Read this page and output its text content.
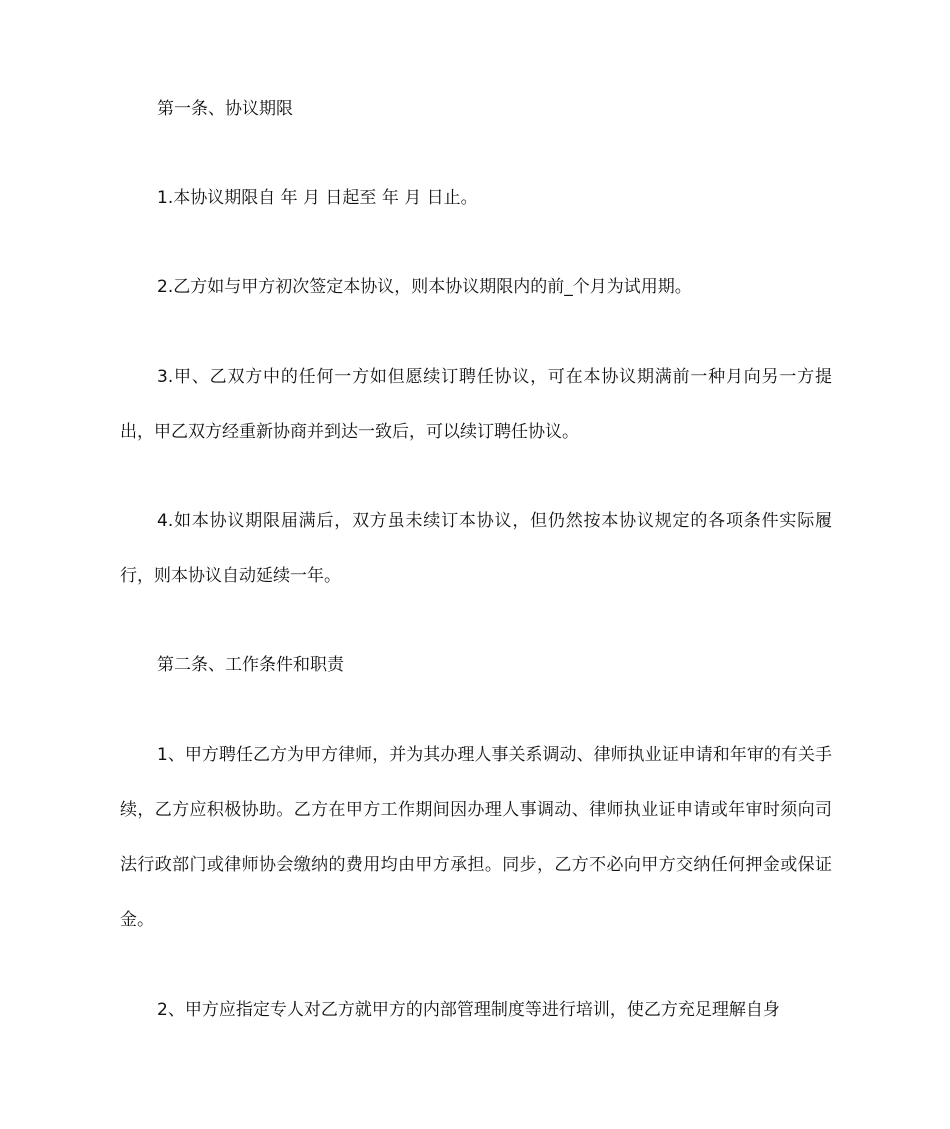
第一条、协议期限

1.本协议期限自 年 月 日起至 年 月 日止。

2.乙方如与甲方初次签定本协议，则本协议期限内的前_个月为试用期。

3.甲、乙双方中的任何一方如但愿续订聘任协议，可在本协议期满前一种月向另一方提出，甲乙双方经重新协商并到达一致后，可以续订聘任协议。

4.如本协议期限届满后，双方虽未续订本协议，但仍然按本协议规定的各项条件实际履行，则本协议自动延续一年。

第二条、工作条件和职责

1、甲方聘任乙方为甲方律师，并为其办理人事关系调动、律师执业证申请和年审的有关手续，乙方应积极协助。乙方在甲方工作期间因办理人事调动、律师执业证申请或年审时须向司法行政部门或律师协会缴纳的费用均由甲方承担。同步，乙方不必向甲方交纳任何押金或保证金。

2、甲方应指定专人对乙方就甲方的内部管理制度等进行培训，使乙方充足理解自身
